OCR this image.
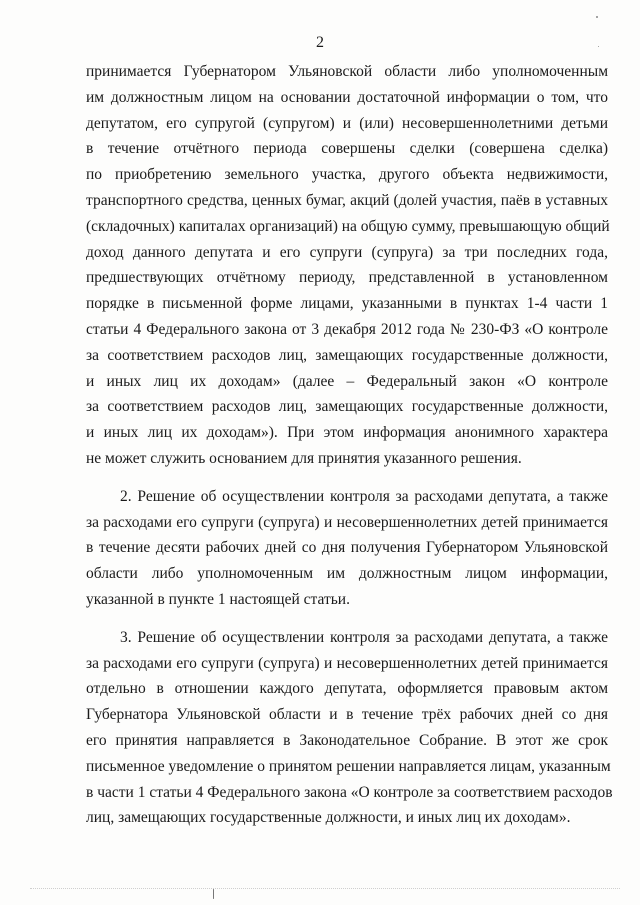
2
принимается Губернатором Ульяновской области либо уполномоченным
им должностным лицом на основании достаточной информации о том, что
депутатом, его супругой (супругом) и (или) несовершеннолетними детьми
в течение отчётного периода совершены сделки (совершена сделка)
по приобретению земельного участка, другого объекта недвижимости,
транспортного средства, ценных бумаг, акций (долей участия, паёв в уставных
(складочных) капиталах организаций) на общую сумму, превышающую общий
доход данного депутата и его супруги (супруга) за три последних года,
предшествующих отчётному периоду, представленной в установленном
порядке в письменной форме лицами, указанными в пунктах 1-4 части 1
статьи 4 Федерального закона от 3 декабря 2012 года № 230-ФЗ «О контроле
за соответствием расходов лиц, замещающих государственные должности,
и иных лиц их доходам» (далее – Федеральный закон «О контроле
за соответствием расходов лиц, замещающих государственные должности,
и иных лиц их доходам»). При этом информация анонимного характера
не может служить основанием для принятия указанного решения.
2. Решение об осуществлении контроля за расходами депутата, а также
за расходами его супруги (супруга) и несовершеннолетних детей принимается
в течение десяти рабочих дней со дня получения Губернатором Ульяновской
области либо уполномоченным им должностным лицом информации,
указанной в пункте 1 настоящей статьи.
3. Решение об осуществлении контроля за расходами депутата, а также
за расходами его супруги (супруга) и несовершеннолетних детей принимается
отдельно в отношении каждого депутата, оформляется правовым актом
Губернатора Ульяновской области и в течение трёх рабочих дней со дня
его принятия направляется в Законодательное Собрание. В этот же срок
письменное уведомление о принятом решении направляется лицам, указанным
в части 1 статьи 4 Федерального закона «О контроле за соответствием расходов
лиц, замещающих государственные должности, и иных лиц их доходам».
